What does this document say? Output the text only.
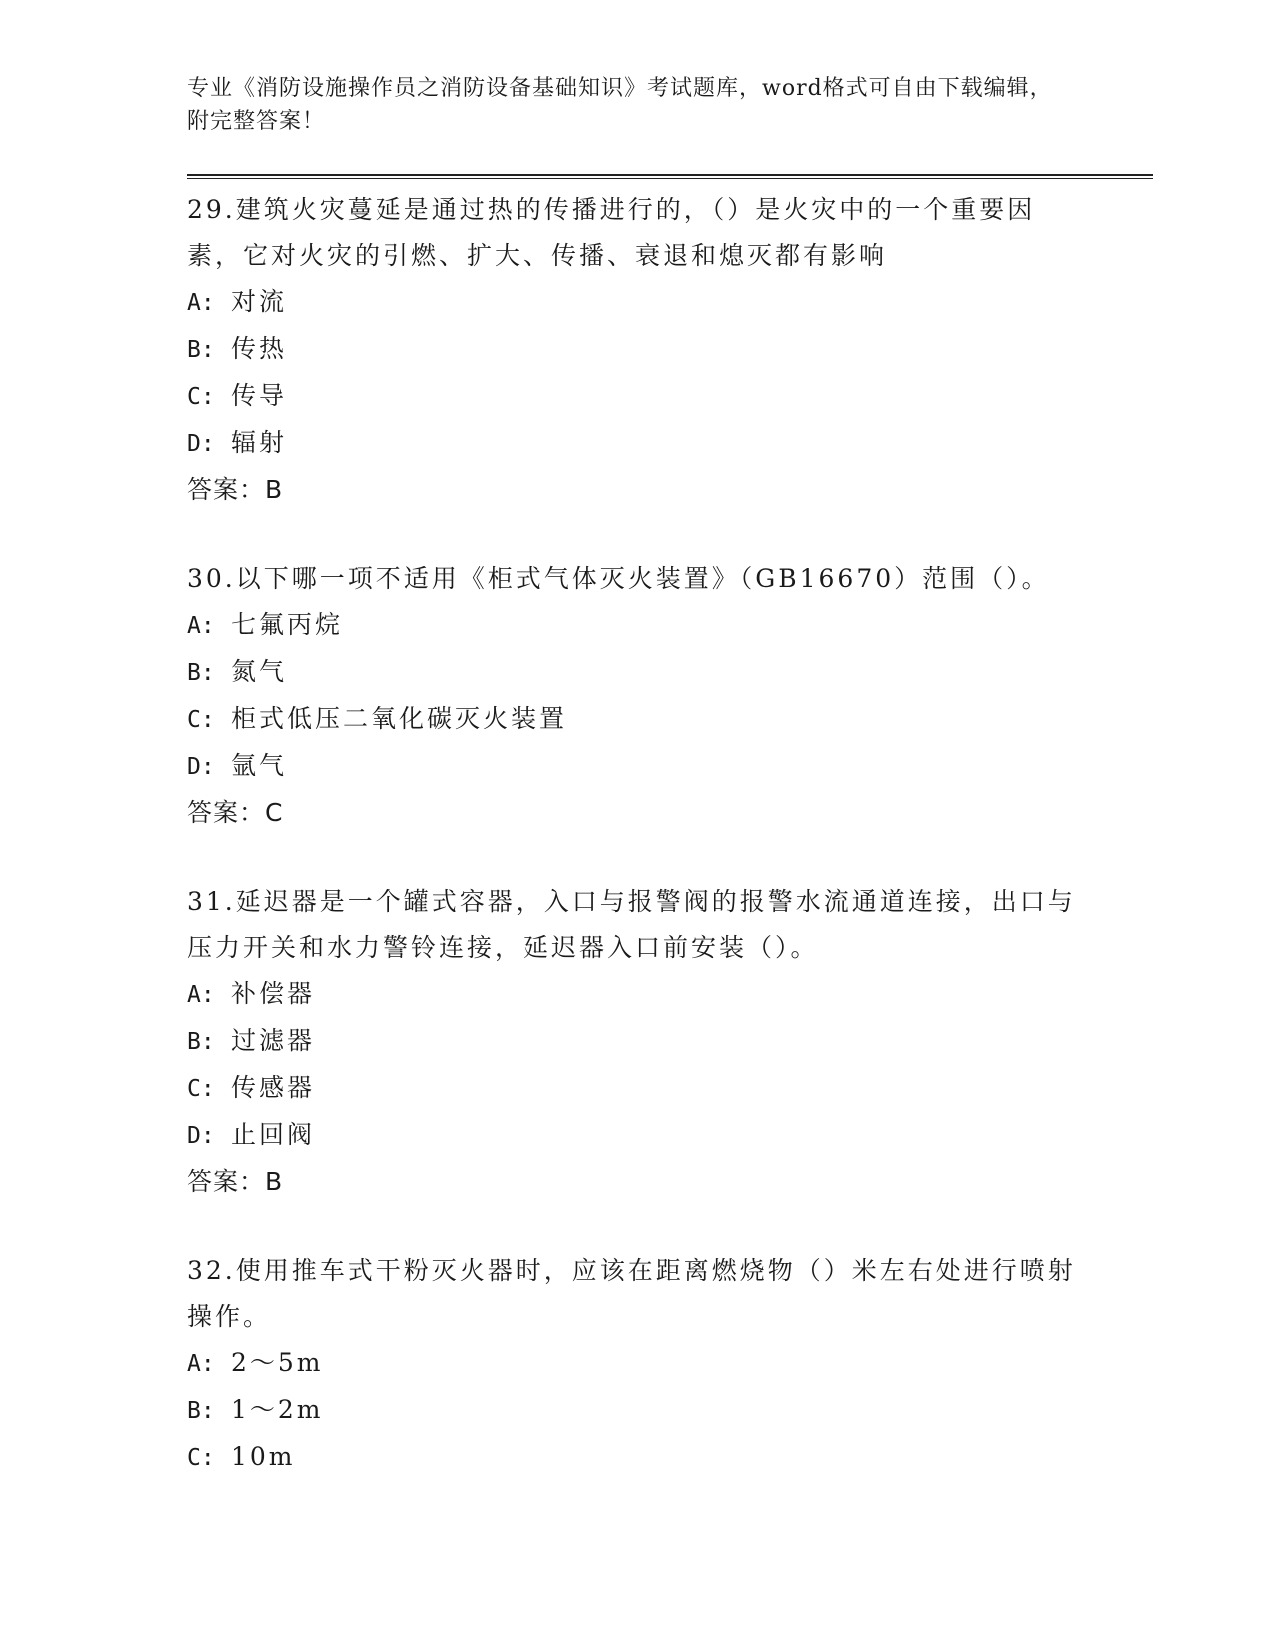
专业《消防设施操作员之消防设备基础知识》考试题库，word格式可自由下载编辑，附完整答案！

29.建筑火灾蔓延是通过热的传播进行的，（）是火灾中的一个重要因素，它对火灾的引燃、扩大、传播、衰退和熄灭都有影响

A: 对流

B: 传热

C: 传导

D: 辐射

答案：B

30.以下哪一项不适用《柜式气体灭火装置》（GB16670）范围（）。

A: 七氟丙烷

B: 氮气

C: 柜式低压二氧化碳灭火装置

D: 氩气

答案：C

31.延迟器是一个罐式容器，入口与报警阀的报警水流通道连接，出口与压力开关和水力警铃连接，延迟器入口前安装（）。

A: 补偿器

B: 过滤器

C: 传感器

D: 止回阀

答案：B

32.使用推车式干粉灭火器时，应该在距离燃烧物（）米左右处进行喷射操作。

A: 2～5m

B: 1～2m

C: 10m
